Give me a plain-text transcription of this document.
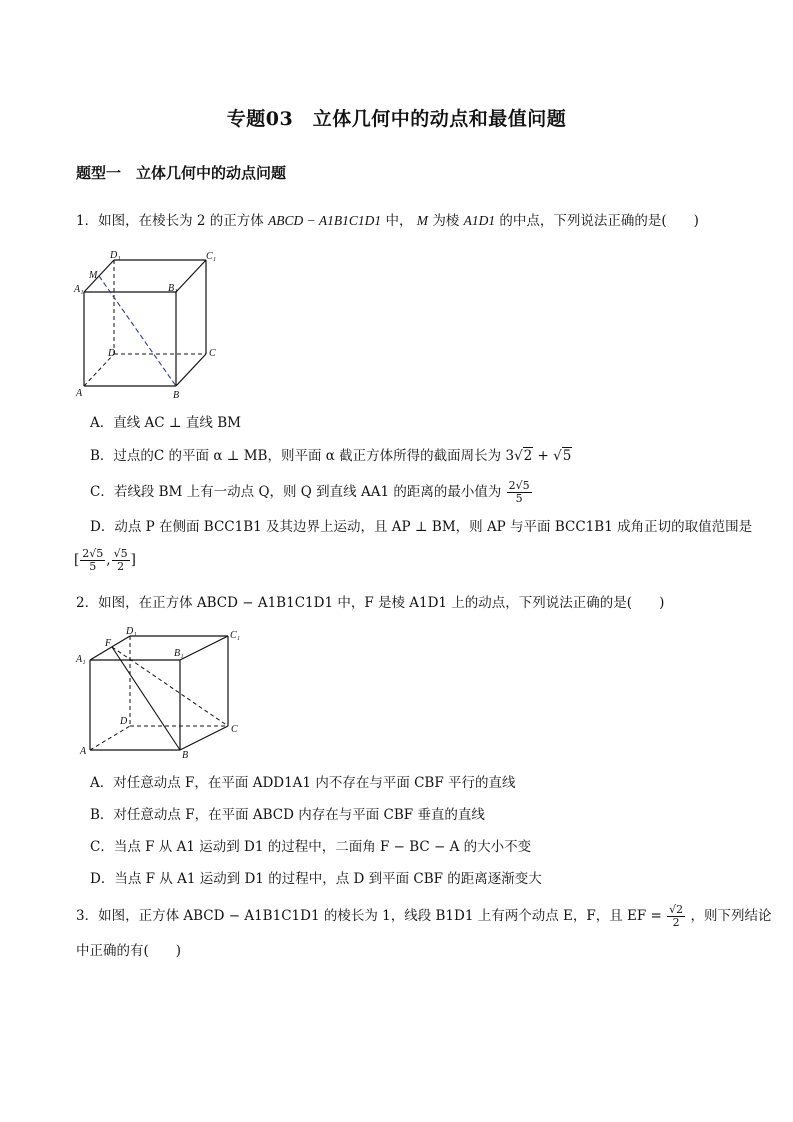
专题03　立体几何中的动点和最值问题
题型一　立体几何中的动点问题
1．如图，在棱长为 2 的正方体 ABCD − A1B1C1D1 中， M 为棱 A1D1 的中点，下列说法正确的是(　　)
D₁	C₁
M
A₁	B₁
D	C
A	B
A．直线 AC ⊥ 直线 BM
B．过点的C 的平面 α ⊥ MB，则平面 α 截正方体所得的截面周长为 3√2 + √5
C．若线段 BM 上有一动点 Q，则 Q 到直线 AA1 的距离的最小值为 $\frac{2√5}{5}$
D．动点 P 在侧面 BCC1B1 及其边界上运动，且 AP ⊥ BM，则 AP 与平面 BCC1B1 成角正切的取值范围是
[ $\frac{2√5}{5}$ , $\frac{√5}{2}$ ]
2．如图，在正方体 ABCD − A1B1C1D1 中，F 是棱 A1D1 上的动点，下列说法正确的是(　　)
D₁	C₁
F
A₁
B₁
D
C
A	B
A．对任意动点 F，在平面 ADD1A1 内不存在与平面 CBF 平行的直线
B．对任意动点 F，在平面 ABCD 内存在与平面 CBF 垂直的直线
C．当点 F 从 A1 运动到 D1 的过程中，二面角 F − BC − A 的大小不变
D．当点 F 从 A1 运动到 D1 的过程中，点 D 到平面 CBF 的距离逐渐变大
3．如图，正方体 ABCD − A1B1C1D1 的棱长为 1，线段 B1D1 上有两个动点 E，F，且 EF = $\frac{√2}{2}$ ，则下列结论
中正确的有(　　)
